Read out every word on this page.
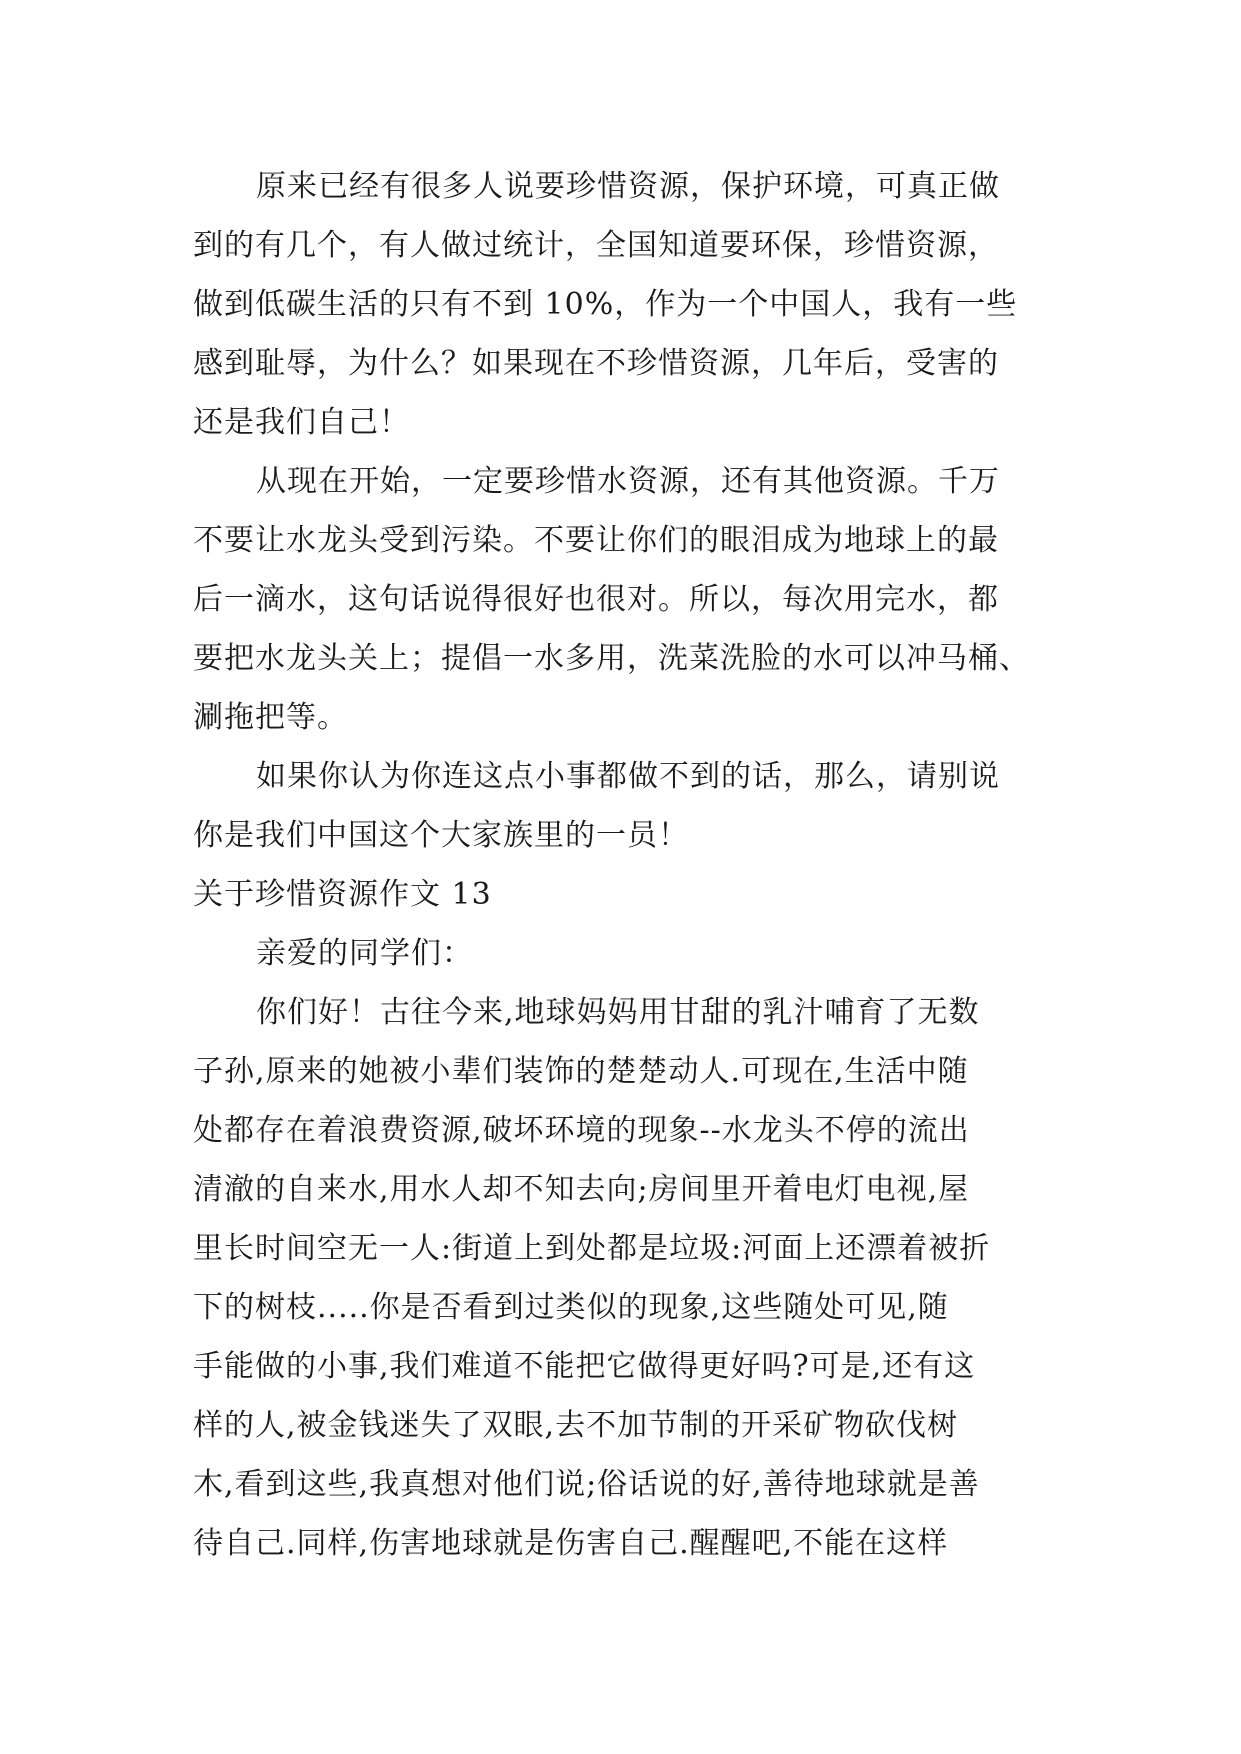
原来已经有很多人说要珍惜资源，保护环境，可真正做
到的有几个，有人做过统计，全国知道要环保，珍惜资源，
做到低碳生活的只有不到 10%，作为一个中国人，我有一些
感到耻辱，为什么？如果现在不珍惜资源，几年后，受害的
还是我们自己！
从现在开始，一定要珍惜水资源，还有其他资源。千万
不要让水龙头受到污染。不要让你们的眼泪成为地球上的最
后一滴水，这句话说得很好也很对。所以，每次用完水，都
要把水龙头关上；提倡一水多用，洗菜洗脸的水可以冲马桶、
涮拖把等。
如果你认为你连这点小事都做不到的话，那么，请别说
你是我们中国这个大家族里的一员！
关于珍惜资源作文 13
亲爱的同学们：
你们好！古往今来,地球妈妈用甘甜的乳汁哺育了无数
子孙,原来的她被小辈们装饰的楚楚动人.可现在,生活中随
处都存在着浪费资源,破坏环境的现象--水龙头不停的流出
清澈的自来水,用水人却不知去向;房间里开着电灯电视,屋
里长时间空无一人:街道上到处都是垃圾:河面上还漂着被折
下的树枝.....你是否看到过类似的现象,这些随处可见,随
手能做的小事,我们难道不能把它做得更好吗?可是,还有这
样的人,被金钱迷失了双眼,去不加节制的开采矿物砍伐树
木,看到这些,我真想对他们说;俗话说的好,善待地球就是善
待自己.同样,伤害地球就是伤害自己.醒醒吧,不能在这样
